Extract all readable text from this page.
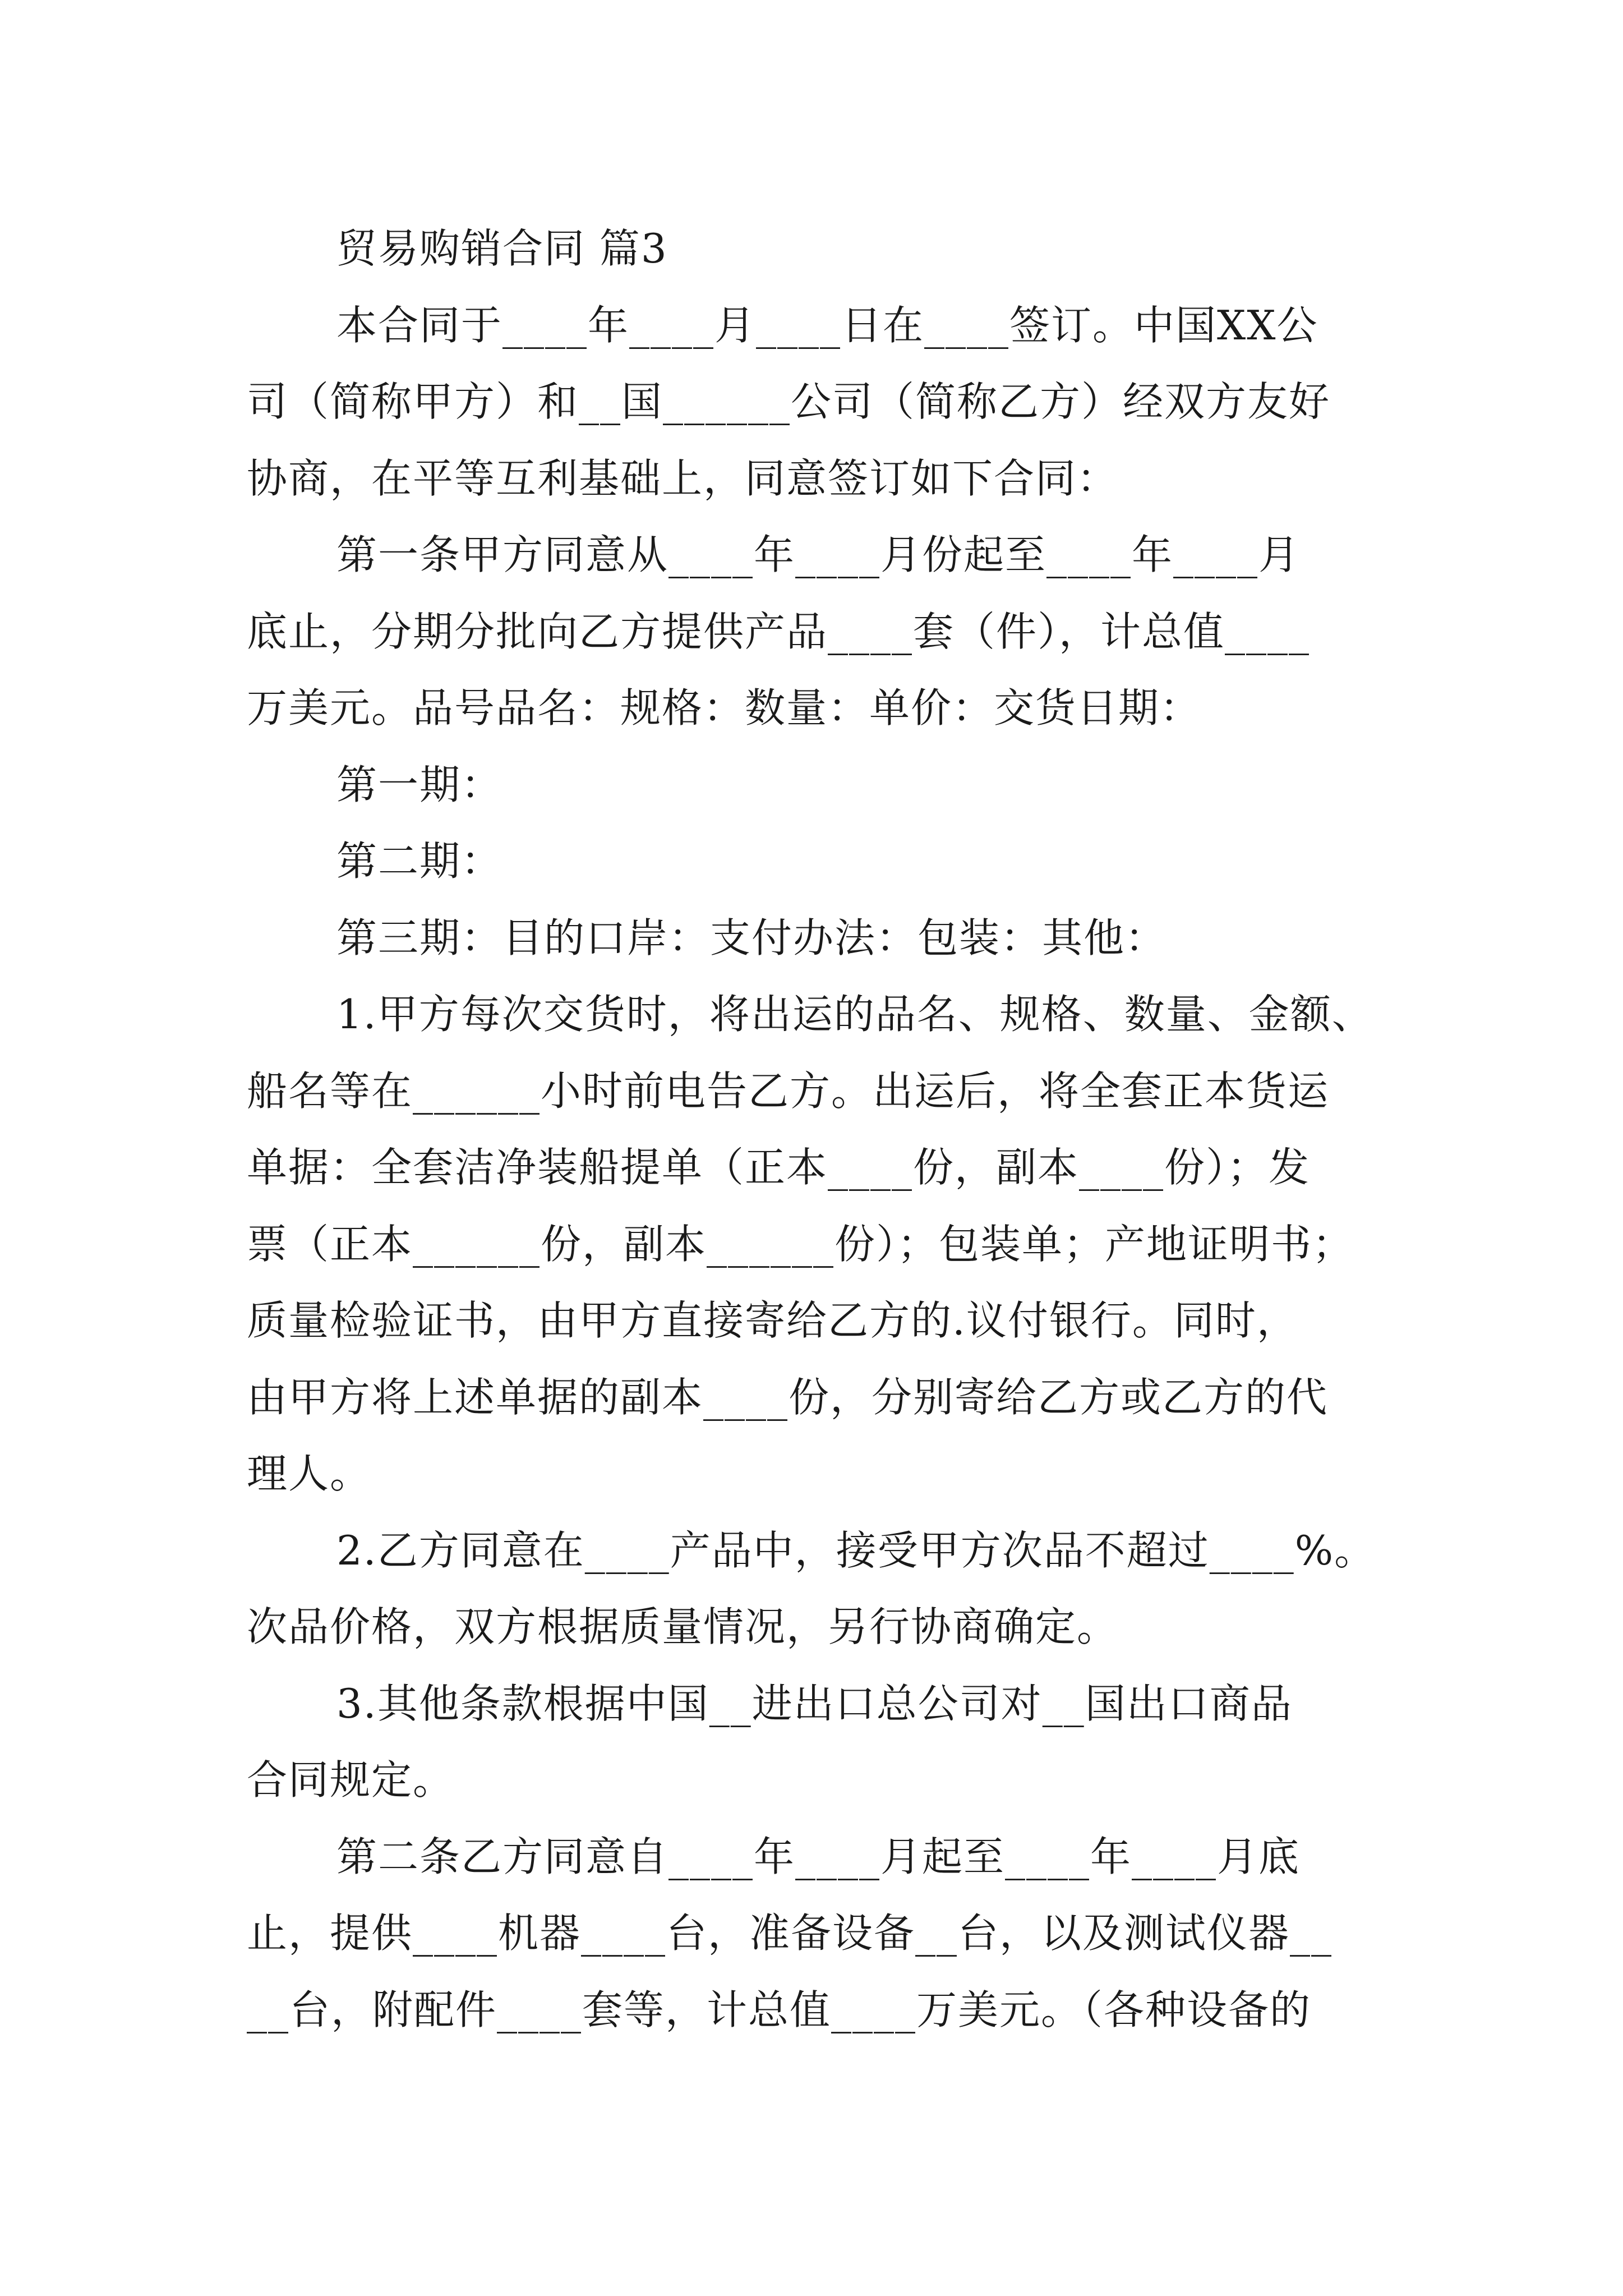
贸易购销合同 篇3
本合同于____年____月____日在____签订。中国XX公
司（简称甲方）和__国______公司（简称乙方）经双方友好
协商，在平等互利基础上，同意签订如下合同：
第一条甲方同意从____年____月份起至____年____月
底止，分期分批向乙方提供产品____套（件），计总值____
万美元。品号品名：规格：数量：单价：交货日期：
第一期：
第二期：
第三期：目的口岸：支付办法：包装：其他：
1.甲方每次交货时，将出运的品名、规格、数量、金额、
船名等在______小时前电告乙方。出运后，将全套正本货运
单据：全套洁净装船提单（正本____份，副本____份）；发
票（正本______份，副本______份）；包装单；产地证明书；
质量检验证书，由甲方直接寄给乙方的.议付银行。同时，
由甲方将上述单据的副本____份，分别寄给乙方或乙方的代
理人。
2.乙方同意在____产品中，接受甲方次品不超过____%。
次品价格，双方根据质量情况，另行协商确定。
3.其他条款根据中国__进出口总公司对__国出口商品
合同规定。
第二条乙方同意自____年____月起至____年____月底
止，提供____机器____台，准备设备__台，以及测试仪器__
__台，附配件____套等，计总值____万美元。（各种设备的
